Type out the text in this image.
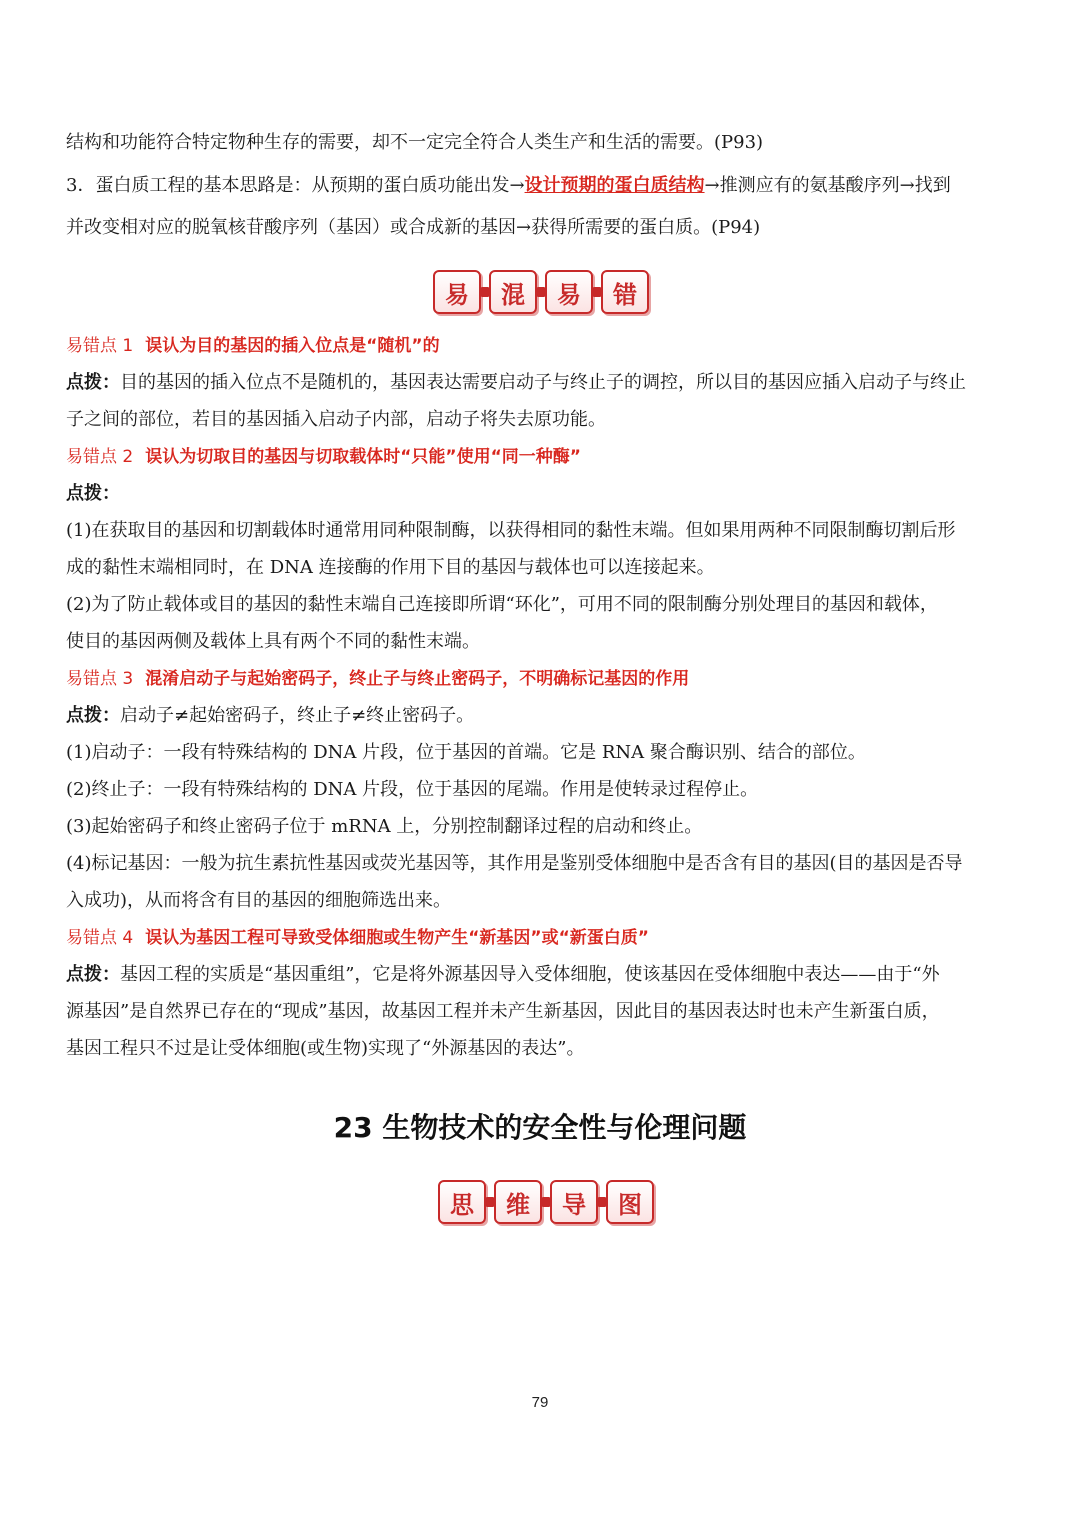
结构和功能符合特定物种生存的需要，却不一定完全符合人类生产和生活的需要。(P93)
3．蛋白质工程的基本思路是：从预期的蛋白质功能出发→设计预期的蛋白质结构→推测应有的氨基酸序列→找到
并改变相对应的脱氧核苷酸序列（基因）或合成新的基因→获得所需要的蛋白质。(P94)
易	混	易	错
易错点 1 误认为目的基因的插入位点是“随机”的
点拨：目的基因的插入位点不是随机的，基因表达需要启动子与终止子的调控，所以目的基因应插入启动子与终止
子之间的部位，若目的基因插入启动子内部，启动子将失去原功能。
易错点 2 误认为切取目的基因与切取载体时“只能”使用“同一种酶”
点拨：
(1)在获取目的基因和切割载体时通常用同种限制酶，以获得相同的黏性末端。但如果用两种不同限制酶切割后形
成的黏性末端相同时，在 DNA 连接酶的作用下目的基因与载体也可以连接起来。
(2)为了防止载体或目的基因的黏性末端自己连接即所谓“环化”，可用不同的限制酶分别处理目的基因和载体，
使目的基因两侧及载体上具有两个不同的黏性末端。
易错点 3 混淆启动子与起始密码子，终止子与终止密码子，不明确标记基因的作用
点拨：启动子≠起始密码子，终止子≠终止密码子。
(1)启动子：一段有特殊结构的 DNA 片段，位于基因的首端。它是 RNA 聚合酶识别、结合的部位。
(2)终止子：一段有特殊结构的 DNA 片段，位于基因的尾端。作用是使转录过程停止。
(3)起始密码子和终止密码子位于 mRNA 上，分别控制翻译过程的启动和终止。
(4)标记基因：一般为抗生素抗性基因或荧光基因等，其作用是鉴别受体细胞中是否含有目的基因(目的基因是否导
入成功)，从而将含有目的基因的细胞筛选出来。
易错点 4 误认为基因工程可导致受体细胞或生物产生“新基因”或“新蛋白质”
点拨：基因工程的实质是“基因重组”，它是将外源基因导入受体细胞，使该基因在受体细胞中表达——由于“外
源基因”是自然界已存在的“现成”基因，故基因工程并未产生新基因，因此目的基因表达时也未产生新蛋白质，
基因工程只不过是让受体细胞(或生物)实现了“外源基因的表达”。
23 生物技术的安全性与伦理问题
思	维	导	图
79
